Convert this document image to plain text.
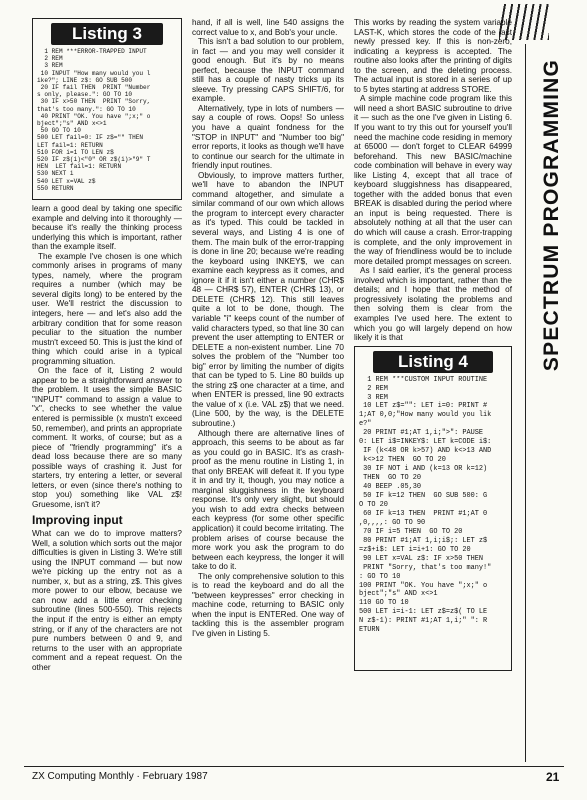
Listing 3
1 REM ***ERROR-TRAPPED INPUT
2 REM
3 REM
10 INPUT "How many would you l
ike?"; LINE z$: GO SUB 500
20 IF fail THEN  PRINT "Number
s only, please.": GO TO 10
30 IF x>50 THEN  PRINT "Sorry,
that's too many.": GO TO 10
40 PRINT "OK. You have ";x;" o
bject";"s" AND x<>1
50 GO TO 10
500 LET fail=0: IF z$="" THEN
LET fail=1: RETURN
510 FOR i=1 TO LEN z$
520 IF z$(i)<"0" OR z$(i)>"9" T
HEN  LET fail=1: RETURN
530 NEXT i
540 LET x=VAL z$
550 RETURN

learn a good deal by taking one specific example and delving into it thoroughly — because it's really the thinking process underlying this which is important, rather than the example itself.

The example I've chosen is one which commonly arises in programs of many types, namely, where the program requires a number (which may be several digits long) to be entered by the user. We'll restrict the discussion to integers, here — and let's also add the arbitrary condition that for some reason peculiar to the situation the number mustn't exceed 50. This is just the kind of thing which could arise in a typical programming situation.

On the face of it, Listing 2 would appear to be a straightforward answer to the problem. It uses the simple BASIC "INPUT" command to assign a value to "x", checks to see whether the value entered is permissible (x mustn't exceed 50, remember), and prints an appropriate comment. It works, of course; but as a piece of "friendly programming" it's a dead loss because there are so many possible ways of crashing it. Just for starters, try entering a letter, or several letters, or even (since there's nothing to stop you) something like VAL z$! Gruesome, isn't it?

Improving input

What can we do to improve matters? Well, a solution which sorts out the major difficulties is given in Listing 3. We're still using the INPUT command — but now we're picking up the entry not as a number, x, but as a string, z$. This gives more power to our elbow, because we can now add a little error checking subroutine (lines 500-550). This rejects the input if the entry is either an empty string, or if any of the characters are not pure numbers between 0 and 9, and returns to the user with an appropriate comment and a repeat request. On the other

hand, if all is well, line 540 assigns the correct value to x, and Bob's your uncle.

This isn't a bad solution to our problem, in fact — and you may well consider it good enough. But it's by no means perfect, because the INPUT command still has a couple of nasty tricks up its sleeve. Try pressing CAPS SHIFT/6, for example.

Alternatively, type in lots of numbers — say a couple of rows. Oops! So unless you have a quaint fondness for the "STOP in INPUT" and "Number too big" error reports, it looks as though we'll have to continue our search for the ultimate in friendly input routines.

Obviously, to improve matters further, we'll have to abandon the INPUT command altogether, and simulate a similar command of our own which allows the program to intercept every character as it's typed. This could be tackled in several ways, and Listing 4 is one of them. The main bulk of the error-trapping is done in line 20; because we're reading the keyboard using INKEY$, we can examine each keypress as it comes, and ignore it if it isn't either a number (CHR$ 48 — CHR$ 57), ENTER (CHR$ 13), or DELETE (CHR$ 12). This still leaves quite a lot to be done, though. The variable "i" keeps count of the number of valid characters typed, so that line 30 can prevent the user attempting to ENTER or DELETE a non-existent number. Line 70 solves the problem of the "Number too big" error by limiting the number of digits that can be typed to 5. Line 80 builds up the string z$ one character at a time, and when ENTER is pressed, line 90 extracts the value of x (i.e. VAL z$) that we need. (Line 500, by the way, is the DELETE subroutine.)

Although there are alternative lines of approach, this seems to be about as far as you could go in BASIC. It's as crash-proof as the menu routine in Listing 1, in that only BREAK will defeat it. If you type it in and try it, though, you may notice a marginal sluggishness in the keyboard response. It's only very slight, but should you wish to add extra checks between each keypress (for some other specific application) it could become irritating. The problem arises of course because the more work you ask the program to do between each keypress, the longer it will take to do it.

The only comprehensive solution to this is to read the keyboard and do all the "between keypresses" error checking in machine code, returning to BASIC only when the input is ENTERed. One way of tackling this is the assembler program I've given in Listing 5.

This works by reading the system variable LAST-K, which stores the code of the last newly pressed key. If this is non-zero, indicating a keypress is accepted. The routine also looks after the printing of digits to the screen, and the deleting process. The actual input is stored in a series of up to 5 bytes starting at address STORE.

A simple machine code program like this will need a short BASIC subroutine to drive it — such as the one I've given in Listing 6. If you want to try this out for yourself you'll need the machine code residing in memory at 65000 — don't forget to CLEAR 64999 beforehand. This new BASIC/machine code combination will behave in every way like Listing 4, except that all trace of keyboard sluggishness has disappeared, together with the added bonus that even BREAK is disabled during the period where an input is being requested. There is absolutely nothing at all that the user can do which will cause a crash. Error-trapping is complete, and the only improvement in the way of friendliness would be to include more detailed prompt messages on screen.

As I said earlier, it's the general process involved which is important, rather than the details; and I hope that the method of progressively isolating the problems and then solving them is clear from the examples I've used here. The extent to which you go will largely depend on how likely it is that

Listing 4
1 REM ***CUSTOM INPUT ROUTINE
2 REM
3 REM
10 LET z$="": LET i=0: PRINT #
1;AT 0,0;"How many would you lik
e?"
20 PRINT #1;AT 1,i;">": PAUSE
0: LET i$=INKEY$: LET k=CODE i$:
IF (k<48 OR k>57) AND k<>13 AND
k<>12 THEN  GO TO 20
30 IF NOT i AND (k=13 OR k=12)
THEN  GO TO 20
40 BEEP .05,30
50 IF k=12 THEN  GO SUB 500: G
O TO 20
60 IF k=13 THEN  PRINT #1;AT 0
,0,,,,: GO TO 90
70 IF i=5 THEN  GO TO 20
80 PRINT #1;AT 1,i;i$;: LET z$
=z$+i$: LET i=i+1: GO TO 20
90 LET x=VAL z$: IF x>50 THEN
PRINT "Sorry, that's too many!"
: GO TO 10
100 PRINT "OK. You have ";x;" o
bject";"s" AND x<>1
110 GO TO 10
500 LET i=i-1: LET z$=z$( TO LE
N z$-1): PRINT #1;AT 1,i;" ": R
ETURN
SPECTRUM PROGRAMMING
ZX Computing Monthly · February 1987	21
